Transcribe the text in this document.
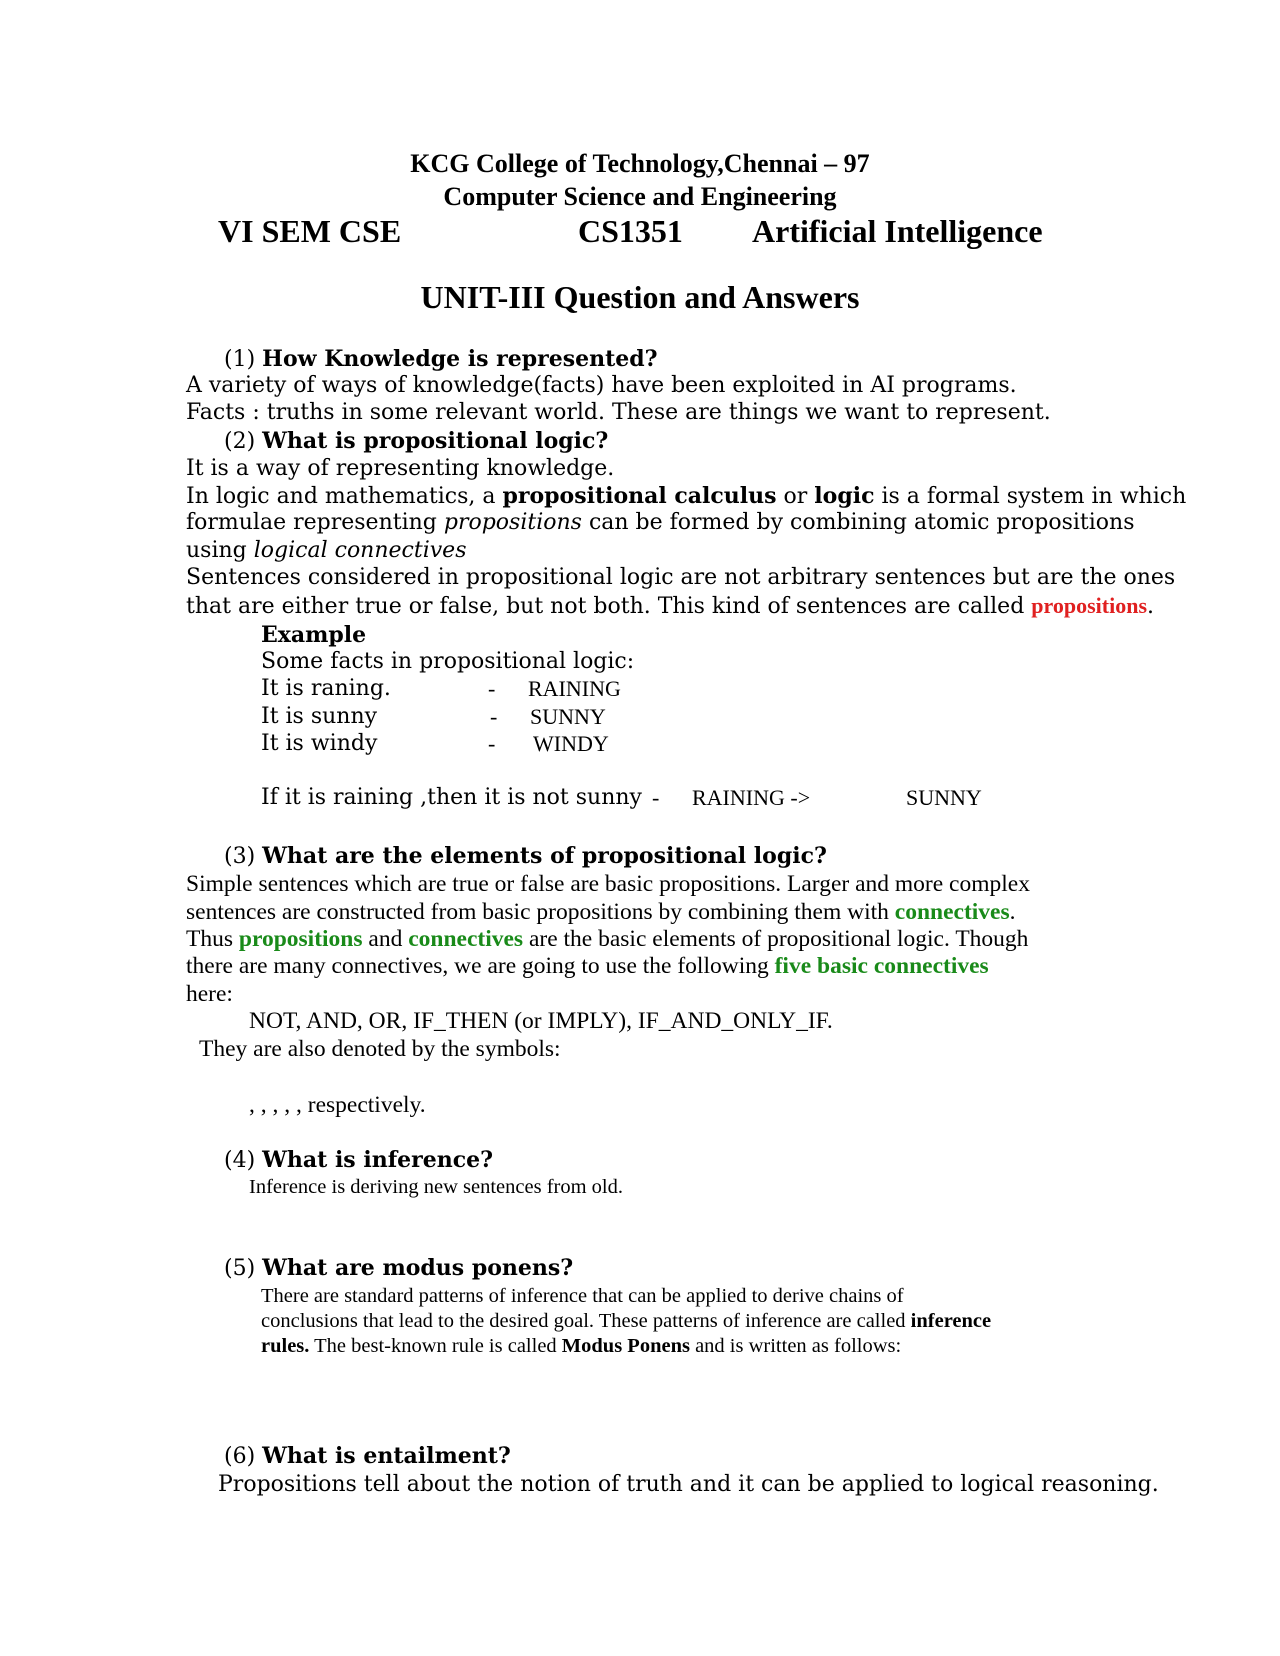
KCG College of Technology,Chennai – 97
Computer Science and Engineering
VI SEM CSE	CS1351 Artificial Intelligence
UNIT-III Question and Answers
(1) How Knowledge is represented?
A variety of ways of knowledge(facts) have been exploited in AI programs.
Facts : truths in some relevant world. These are things we want to represent.
(2) What is propositional logic?
It is a way of representing knowledge.
In logic and mathematics, a propositional calculus or logic is a formal system in which
formulae representing propositions can be formed by combining atomic propositions
using logical connectives
Sentences considered in propositional logic are not arbitrary sentences but are the ones
that are either true or false, but not both. This kind of sentences are called propositions.
Example
Some facts in propositional logic:
It is raning.	- RAINING
It is sunny	- SUNNY
It is windy	- WINDY
If it is raining ,then it is not sunny - RAINING ->	SUNNY
(3) What are the elements of propositional logic?
Simple sentences which are true or false are basic propositions. Larger and more complex
sentences are constructed from basic propositions by combining them with connectives.
Thus propositions and connectives are the basic elements of propositional logic. Though
there are many connectives, we are going to use the following five basic connectives
here:
NOT, AND, OR, IF_THEN (or IMPLY), IF_AND_ONLY_IF.
They are also denoted by the symbols:
, , , , , respectively.
(4) What is inference?
Inference is deriving new sentences from old.
(5) What are modus ponens?
There are standard patterns of inference that can be applied to derive chains of
conclusions that lead to the desired goal. These patterns of inference are called inference
rules. The best-known rule is called Modus Ponens and is written as follows:
(6) What is entailment?
Propositions tell about the notion of truth and it can be applied to logical reasoning.
